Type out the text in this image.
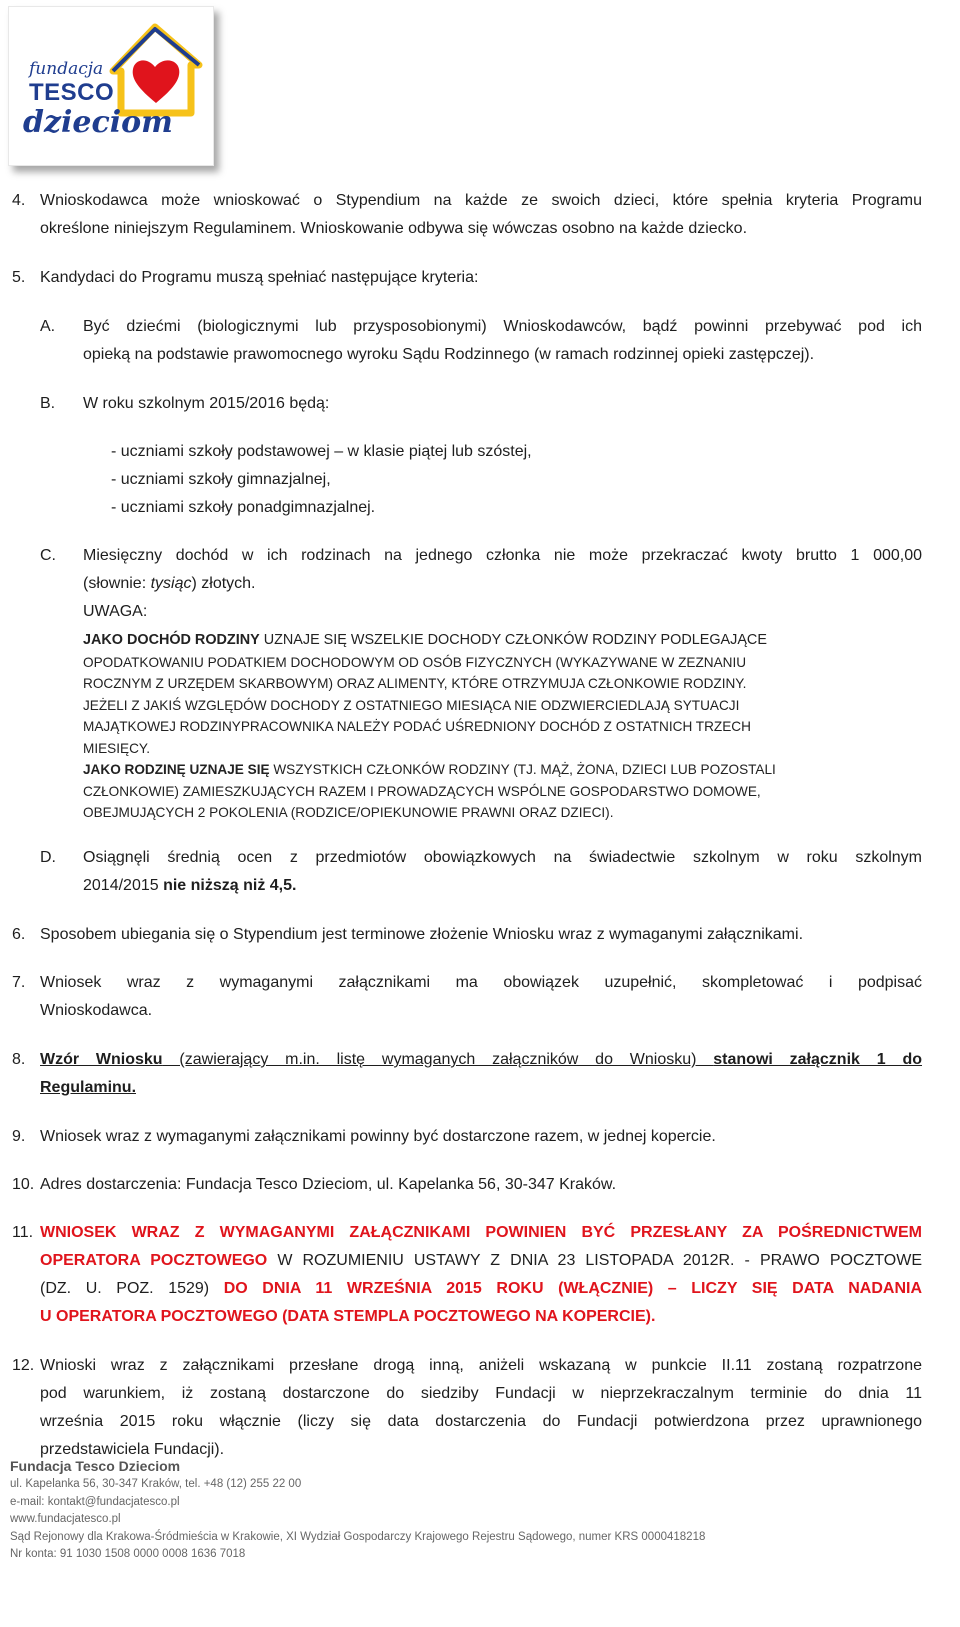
fundacja
TESCO
dzieciom
4. Wnioskodawca może wnioskować o Stypendium na każde ze swoich dzieci, które spełnia kryteria Programu
określone niniejszym Regulaminem. Wnioskowanie odbywa się wówczas osobno na każde dziecko.
5. Kandydaci do Programu muszą spełniać następujące kryteria:
A. Być dziećmi (biologicznymi lub przysposobionymi) Wnioskodawców, bądź powinni przebywać pod ich
opieką na podstawie prawomocnego wyroku Sądu Rodzinnego (w ramach rodzinnej opieki zastępczej).
B. W roku szkolnym 2015/2016 będą:
- uczniami szkoły podstawowej – w klasie piątej lub szóstej,
- uczniami szkoły gimnazjalnej,
- uczniami szkoły ponadgimnazjalnej.
C. Miesięczny dochód w ich rodzinach na jednego członka nie może przekraczać kwoty brutto 1 000,00
(słownie: tysiąc) złotych.
UWAGA:
JAKO DOCHÓD RODZINY UZNAJE SIĘ WSZELKIE DOCHODY CZŁONKÓW RODZINY PODLEGAJĄCE
OPODATKOWANIU PODATKIEM DOCHODOWYM OD OSÓB FIZYCZNYCH (WYKAZYWANE W ZEZNANIU
ROCZNYM Z URZĘDEM SKARBOWYM) ORAZ ALIMENTY, KTÓRE OTRZYMUJA CZŁONKOWIE RODZINY.
JEŻELI Z JAKIŚ WZGLĘDÓW DOCHODY Z OSTATNIEGO MIESIĄCA NIE ODZWIERCIEDLAJĄ SYTUACJI
MAJĄTKOWEJ RODZINYPRACOWNIKA NALEŻY PODAĆ UŚREDNIONY DOCHÓD Z OSTATNICH TRZECH
MIESIĘCY.
JAKO RODZINĘ UZNAJE SIĘ WSZYSTKICH CZŁONKÓW RODZINY (TJ. MĄŻ, ŻONA, DZIECI LUB POZOSTALI
CZŁONKOWIE) ZAMIESZKUJĄCYCH RAZEM I PROWADZĄCYCH WSPÓLNE GOSPODARSTWO DOMOWE,
OBEJMUJĄCYCH 2 POKOLENIA (RODZICE/OPIEKUNOWIE PRAWNI ORAZ DZIECI).
D. Osiągnęli średnią ocen z przedmiotów obowiązkowych na świadectwie szkolnym w roku szkolnym
2014/2015 nie niższą niż 4,5.
6. Sposobem ubiegania się o Stypendium jest terminowe złożenie Wniosku wraz z wymaganymi załącznikami.
7. Wniosek wraz z wymaganymi załącznikami ma obowiązek uzupełnić, skompletować i podpisać
Wnioskodawca.
8. Wzór Wniosku (zawierający m.in. listę wymaganych załączników do Wniosku) stanowi załącznik 1 do
Regulaminu.
9. Wniosek wraz z wymaganymi załącznikami powinny być dostarczone razem, w jednej kopercie.
10. Adres dostarczenia: Fundacja Tesco Dzieciom, ul. Kapelanka 56, 30-347 Kraków.
11. WNIOSEK WRAZ Z WYMAGANYMI ZAŁĄCZNIKAMI POWINIEN BYĆ PRZESŁANY ZA POŚREDNICTWEM
OPERATORA POCZTOWEGO W ROZUMIENIU USTAWY Z DNIA 23 LISTOPADA 2012R. - PRAWO POCZTOWE
(DZ. U. POZ. 1529) DO DNIA 11 WRZEŚNIA 2015 ROKU (WŁĄCZNIE) – LICZY SIĘ DATA NADANIA
U OPERATORA POCZTOWEGO (DATA STEMPLA POCZTOWEGO NA KOPERCIE).
12. Wnioski wraz z załącznikami przesłane drogą inną, aniżeli wskazaną w punkcie II.11 zostaną rozpatrzone
pod warunkiem, iż zostaną dostarczone do siedziby Fundacji w nieprzekraczalnym terminie do dnia 11
września 2015 roku włącznie (liczy się data dostarczenia do Fundacji potwierdzona przez uprawnionego
przedstawiciela Fundacji).
Fundacja Tesco Dzieciom
ul. Kapelanka 56, 30-347 Kraków, tel. +48 (12) 255 22 00
e-mail: kontakt@fundacjatesco.pl
www.fundacjatesco.pl
Sąd Rejonowy dla Krakowa-Śródmieścia w Krakowie, XI Wydział Gospodarczy Krajowego Rejestru Sądowego, numer KRS 0000418218
Nr konta: 91 1030 1508 0000 0008 1636 7018
